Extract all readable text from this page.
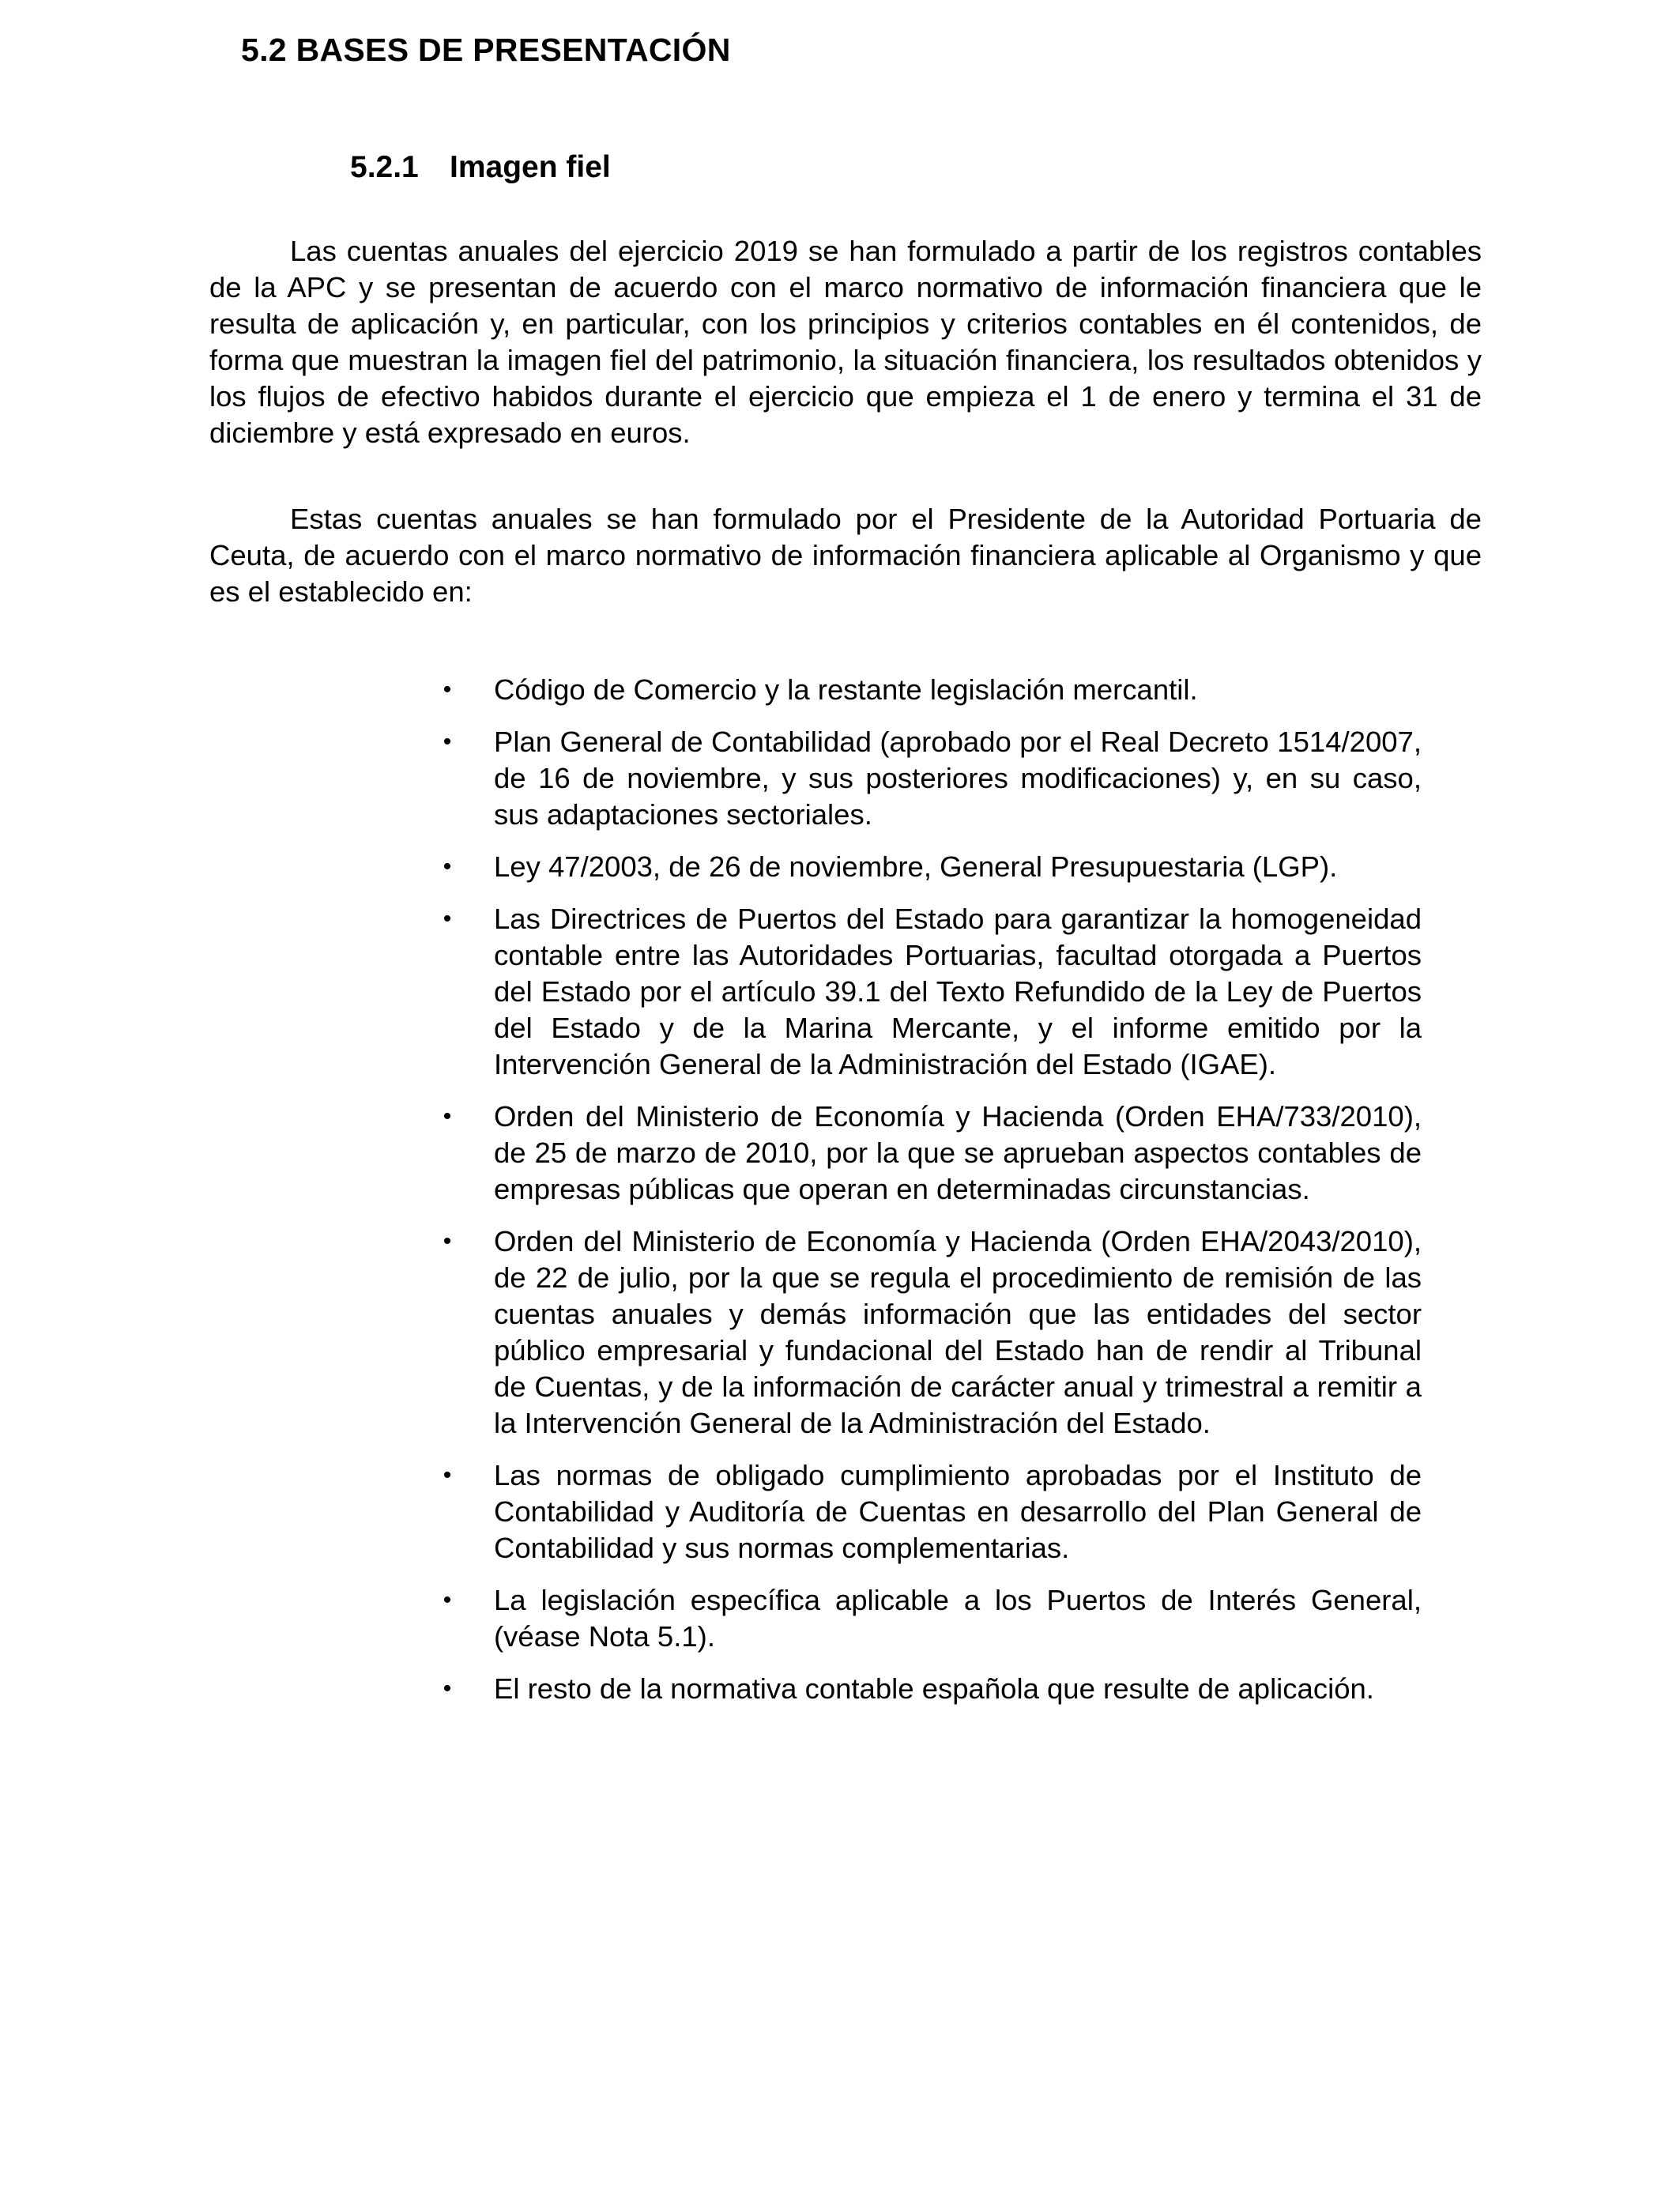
5.2 BASES DE PRESENTACIÓN
5.2.1 Imagen fiel

Las cuentas anuales del ejercicio 2019 se han formulado a partir de los registros contables de la APC y se presentan de acuerdo con el marco normativo de información financiera que le resulta de aplicación y, en particular, con los principios y criterios contables en él contenidos, de forma que muestran la imagen fiel del patrimonio, la situación financiera, los resultados obtenidos y los flujos de efectivo habidos durante el ejercicio que empieza el 1 de enero y termina el 31 de diciembre y está expresado en euros.

Estas cuentas anuales se han formulado por el Presidente de la Autoridad Portuaria de Ceuta, de acuerdo con el marco normativo de información financiera aplicable al Organismo y que es el establecido en:

• Código de Comercio y la restante legislación mercantil.
• Plan General de Contabilidad (aprobado por el Real Decreto 1514/2007, de 16 de noviembre, y sus posteriores modificaciones) y, en su caso, sus adaptaciones sectoriales.
• Ley 47/2003, de 26 de noviembre, General Presupuestaria (LGP).
• Las Directrices de Puertos del Estado para garantizar la homogeneidad contable entre las Autoridades Portuarias, facultad otorgada a Puertos del Estado por el artículo 39.1 del Texto Refundido de la Ley de Puertos del Estado y de la Marina Mercante, y el informe emitido por la Intervención General de la Administración del Estado (IGAE).
• Orden del Ministerio de Economía y Hacienda (Orden EHA/733/2010), de 25 de marzo de 2010, por la que se aprueban aspectos contables de empresas públicas que operan en determinadas circunstancias.
• Orden del Ministerio de Economía y Hacienda (Orden EHA/2043/2010), de 22 de julio, por la que se regula el procedimiento de remisión de las cuentas anuales y demás información que las entidades del sector público empresarial y fundacional del Estado han de rendir al Tribunal de Cuentas, y de la información de carácter anual y trimestral a remitir a la Intervención General de la Administración del Estado.
• Las normas de obligado cumplimiento aprobadas por el Instituto de Contabilidad y Auditoría de Cuentas en desarrollo del Plan General de Contabilidad y sus normas complementarias.
• La legislación específica aplicable a los Puertos de Interés General, (véase Nota 5.1).
• El resto de la normativa contable española que resulte de aplicación.
